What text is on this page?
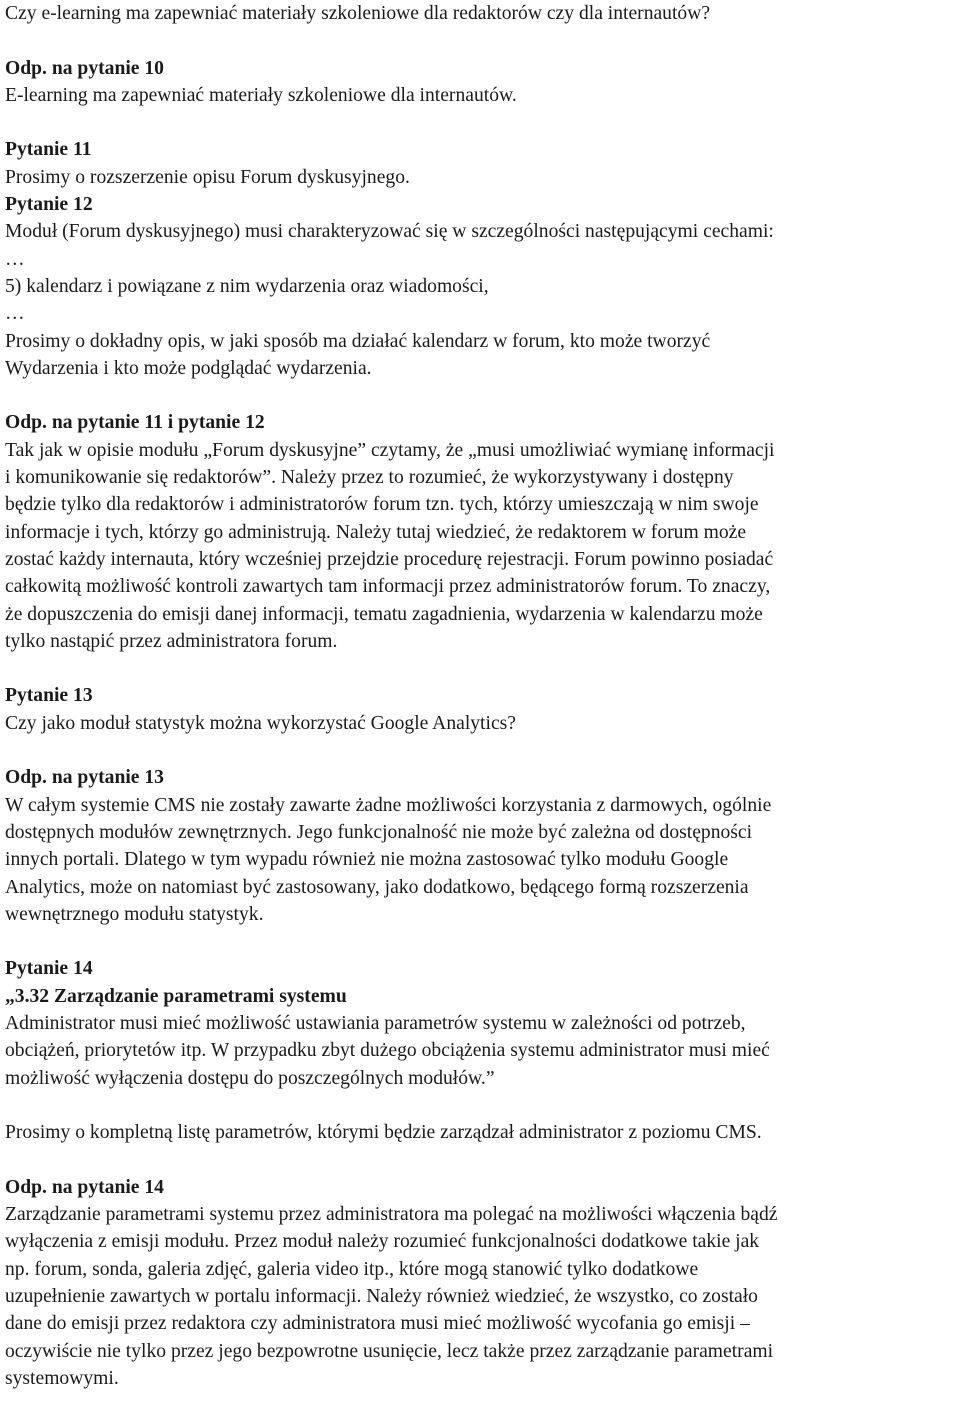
Czy e-learning ma zapewniać materiały szkoleniowe dla redaktorów czy dla internautów?
Odp. na pytanie 10
E-learning ma zapewniać materiały szkoleniowe dla internautów.
Pytanie 11
Prosimy o rozszerzenie opisu Forum dyskusyjnego.
Pytanie 12
Moduł (Forum dyskusyjnego) musi charakteryzować się w szczególności następującymi cechami:
…
5) kalendarz i powiązane z nim wydarzenia oraz wiadomości,
…
Prosimy o dokładny opis, w jaki sposób ma działać kalendarz w forum, kto może tworzyć
Wydarzenia i kto może podglądać wydarzenia.
Odp. na pytanie 11 i pytanie 12
Tak jak w opisie modułu „Forum dyskusyjne” czytamy, że „musi umożliwiać wymianę informacji
i komunikowanie się redaktorów”. Należy przez to rozumieć, że wykorzystywany i dostępny
będzie tylko dla redaktorów i administratorów forum tzn. tych, którzy umieszczają w nim swoje
informacje i tych, którzy go administrują. Należy tutaj wiedzieć, że redaktorem w forum może
zostać każdy internauta, który wcześniej przejdzie procedurę rejestracji. Forum powinno posiadać
całkowitą możliwość kontroli zawartych tam informacji przez administratorów forum. To znaczy,
że dopuszczenia do emisji danej informacji, tematu zagadnienia, wydarzenia w kalendarzu może
tylko nastąpić przez administratora forum.
Pytanie 13
Czy jako moduł statystyk można wykorzystać Google Analytics?
Odp. na pytanie 13
W całym systemie CMS nie zostały zawarte żadne możliwości korzystania z darmowych, ogólnie
dostępnych modułów zewnętrznych. Jego funkcjonalność nie może być zależna od dostępności
innych portali. Dlatego w tym wypadu również nie można zastosować tylko modułu Google
Analytics, może on natomiast być zastosowany, jako dodatkowo, będącego formą rozszerzenia
wewnętrznego modułu statystyk.
Pytanie 14
„3.32 Zarządzanie parametrami systemu
Administrator musi mieć możliwość ustawiania parametrów systemu w zależności od potrzeb,
obciążeń, priorytetów itp. W przypadku zbyt dużego obciążenia systemu administrator musi mieć
możliwość wyłączenia dostępu do poszczególnych modułów.”
Prosimy o kompletną listę parametrów, którymi będzie zarządzał administrator z poziomu CMS.
Odp. na pytanie 14
Zarządzanie parametrami systemu przez administratora ma polegać na możliwości włączenia bądź
wyłączenia z emisji modułu. Przez moduł należy rozumieć funkcjonalności dodatkowe takie jak
np. forum, sonda, galeria zdjęć, galeria video itp., które mogą stanowić tylko dodatkowe
uzupełnienie zawartych w portalu informacji. Należy również wiedzieć, że wszystko, co zostało
dane do emisji przez redaktora czy administratora musi mieć możliwość wycofania go emisji –
oczywiście nie tylko przez jego bezpowrotne usunięcie, lecz także przez zarządzanie parametrami
systemowymi.
